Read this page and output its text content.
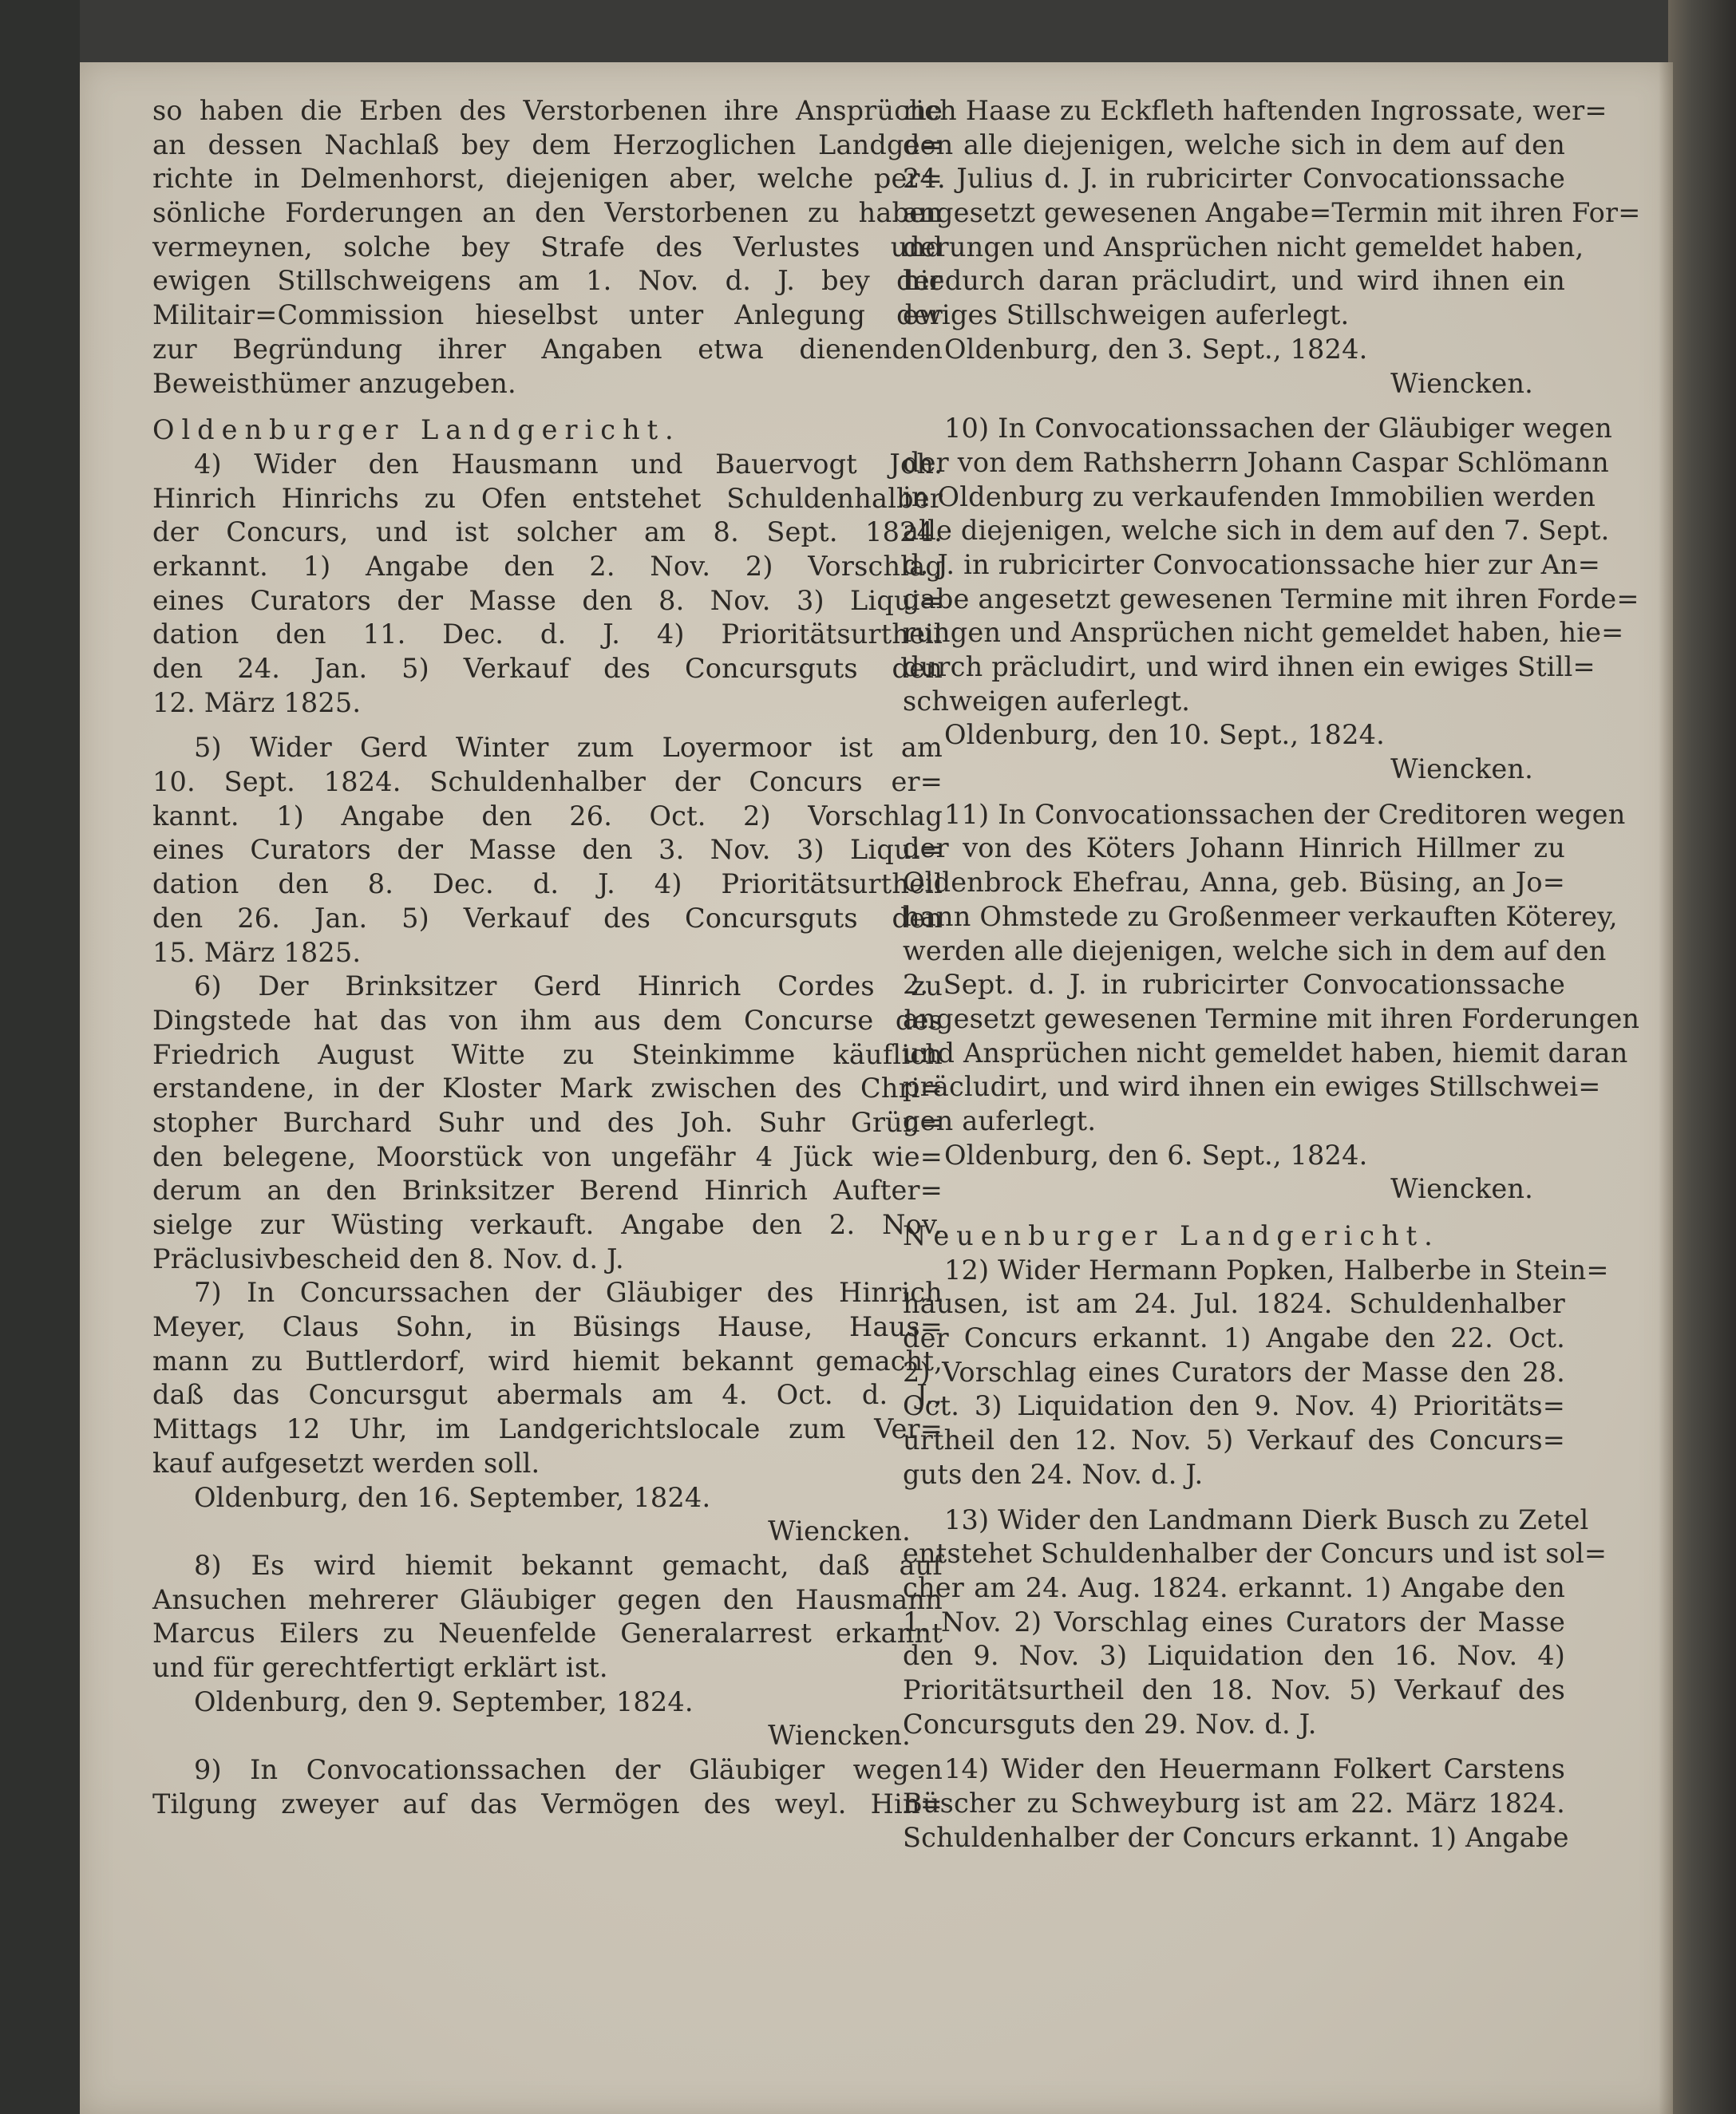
so haben die Erben des Verstorbenen ihre Ansprüche
an dessen Nachlaß bey dem Herzoglichen Landge=
richte in Delmenhorst, diejenigen aber, welche per=
sönliche Forderungen an den Verstorbenen zu haben
vermeynen, solche bey Strafe des Verlustes und
ewigen Stillschweigens am 1. Nov. d. J. bey der
Militair=Commission hieselbst unter Anlegung der
zur Begründung ihrer Angaben etwa dienenden
Beweisthümer anzugeben.
Oldenburger Landgericht.
4) Wider den Hausmann und Bauervogt Joh.
Hinrich Hinrichs zu Ofen entstehet Schuldenhalber
der Concurs, und ist solcher am 8. Sept. 1824.
erkannt. 1) Angabe den 2. Nov. 2) Vorschlag
eines Curators der Masse den 8. Nov. 3) Liqui=
dation den 11. Dec. d. J. 4) Prioritätsurtheil
den 24. Jan. 5) Verkauf des Concursguts den
12. März 1825.
5) Wider Gerd Winter zum Loyermoor ist am
10. Sept. 1824. Schuldenhalber der Concurs er=
kannt. 1) Angabe den 26. Oct. 2) Vorschlag
eines Curators der Masse den 3. Nov. 3) Liqui=
dation den 8. Dec. d. J. 4) Prioritätsurtheil
den 26. Jan. 5) Verkauf des Concursguts den
15. März 1825.
6) Der Brinksitzer Gerd Hinrich Cordes zu
Dingstede hat das von ihm aus dem Concurse des
Friedrich August Witte zu Steinkimme käuflich
erstandene, in der Kloster Mark zwischen des Chri=
stopher Burchard Suhr und des Joh. Suhr Grün=
den belegene, Moorstück von ungefähr 4 Jück wie=
derum an den Brinksitzer Berend Hinrich Aufter=
sielge zur Wüsting verkauft. Angabe den 2. Nov.
Präclusivbescheid den 8. Nov. d. J.
7) In Concurssachen der Gläubiger des Hinrich
Meyer, Claus Sohn, in Büsings Hause, Haus=
mann zu Buttlerdorf, wird hiemit bekannt gemacht,
daß das Concursgut abermals am 4. Oct. d. J.,
Mittags 12 Uhr, im Landgerichtslocale zum Ver=
kauf aufgesetzt werden soll.
Oldenburg, den 16. September, 1824.
Wiencken.
8) Es wird hiemit bekannt gemacht, daß auf
Ansuchen mehrerer Gläubiger gegen den Hausmann
Marcus Eilers zu Neuenfelde Generalarrest erkannt
und für gerechtfertigt erklärt ist.
Oldenburg, den 9. September, 1824.
Wiencken.
9) In Convocationssachen der Gläubiger wegen
Tilgung zweyer auf das Vermögen des weyl. Hin=
rich Haase zu Eckfleth haftenden Ingrossate, wer=
den alle diejenigen, welche sich in dem auf den
24. Julius d. J. in rubricirter Convocationssache
angesetzt gewesenen Angabe=Termin mit ihren For=
derungen und Ansprüchen nicht gemeldet haben,
hiedurch daran präcludirt, und wird ihnen ein
ewiges Stillschweigen auferlegt.
Oldenburg, den 3. Sept., 1824.
Wiencken.
10) In Convocationssachen der Gläubiger wegen
der von dem Rathsherrn Johann Caspar Schlömann
in Oldenburg zu verkaufenden Immobilien werden
alle diejenigen, welche sich in dem auf den 7. Sept.
d. J. in rubricirter Convocationssache hier zur An=
gabe angesetzt gewesenen Termine mit ihren Forde=
rungen und Ansprüchen nicht gemeldet haben, hie=
durch präcludirt, und wird ihnen ein ewiges Still=
schweigen auferlegt.
Oldenburg, den 10. Sept., 1824.
Wiencken.
11) In Convocationssachen der Creditoren wegen
der von des Köters Johann Hinrich Hillmer zu
Oldenbrock Ehefrau, Anna, geb. Büsing, an Jo=
hann Ohmstede zu Großenmeer verkauften Köterey,
werden alle diejenigen, welche sich in dem auf den
2. Sept. d. J. in rubricirter Convocationssache
angesetzt gewesenen Termine mit ihren Forderungen
und Ansprüchen nicht gemeldet haben, hiemit daran
präcludirt, und wird ihnen ein ewiges Stillschwei=
gen auferlegt.
Oldenburg, den 6. Sept., 1824.
Wiencken.
Neuenburger Landgericht.
12) Wider Hermann Popken, Halberbe in Stein=
hausen, ist am 24. Jul. 1824. Schuldenhalber
der Concurs erkannt. 1) Angabe den 22. Oct.
2) Vorschlag eines Curators der Masse den 28.
Oct. 3) Liquidation den 9. Nov. 4) Prioritäts=
urtheil den 12. Nov. 5) Verkauf des Concurs=
guts den 24. Nov. d. J.
13) Wider den Landmann Dierk Busch zu Zetel
entstehet Schuldenhalber der Concurs und ist sol=
cher am 24. Aug. 1824. erkannt. 1) Angabe den
1. Nov. 2) Vorschlag eines Curators der Masse
den 9. Nov. 3) Liquidation den 16. Nov. 4)
Prioritätsurtheil den 18. Nov. 5) Verkauf des
Concursguts den 29. Nov. d. J.
14) Wider den Heuermann Folkert Carstens
Büscher zu Schweyburg ist am 22. März 1824.
Schuldenhalber der Concurs erkannt. 1) Angabe
